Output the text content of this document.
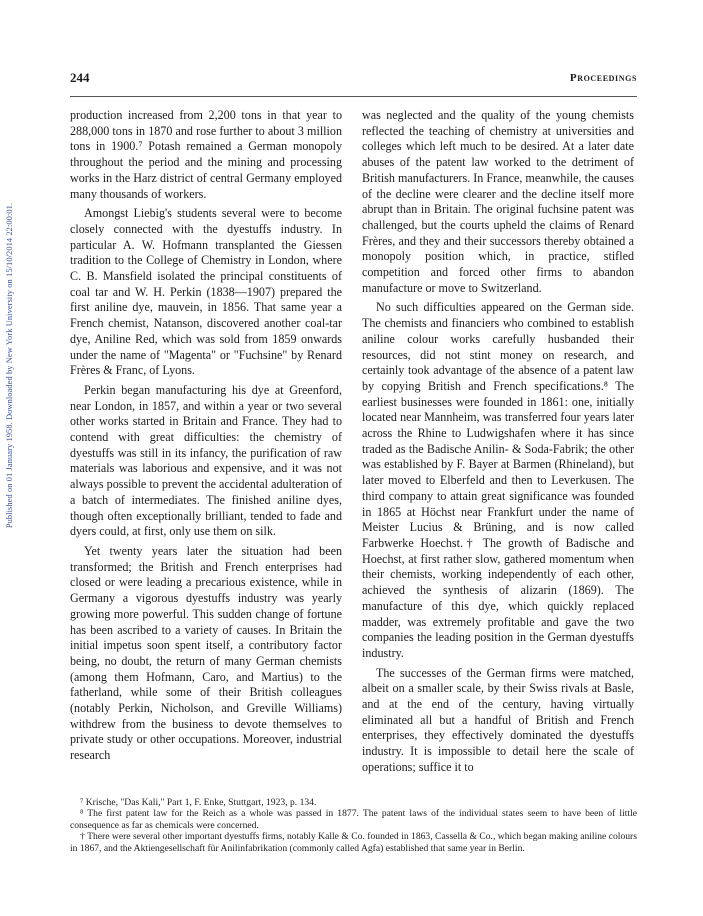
Published on 01 January 1958. Downloaded by New York University on 15/10/2014 22:00:01.
244	Proceedings

production increased from 2,200 tons in that year to 288,000 tons in 1870 and rose further to about 3 million tons in 1900.⁷ Potash remained a German monopoly throughout the period and the mining and processing works in the Harz district of central Germany employed many thousands of workers.

Amongst Liebig's students several were to become closely connected with the dyestuffs industry. In particular A. W. Hofmann transplanted the Giessen tradition to the College of Chemistry in London, where C. B. Mansfield isolated the principal constituents of coal tar and W. H. Perkin (1838—1907) prepared the first aniline dye, mauvein, in 1856. That same year a French chemist, Natanson, discovered another coal-tar dye, Aniline Red, which was sold from 1859 onwards under the name of "Magenta" or "Fuchsine" by Renard Frères & Franc, of Lyons.

Perkin began manufacturing his dye at Greenford, near London, in 1857, and within a year or two several other works started in Britain and France. They had to contend with great difficulties: the chemistry of dyestuffs was still in its infancy, the purification of raw materials was laborious and expensive, and it was not always possible to prevent the accidental adulteration of a batch of intermediates. The finished aniline dyes, though often exceptionally brilliant, tended to fade and dyers could, at first, only use them on silk.

Yet twenty years later the situation had been transformed; the British and French enterprises had closed or were leading a precarious existence, while in Germany a vigorous dyestuffs industry was yearly growing more powerful. This sudden change of fortune has been ascribed to a variety of causes. In Britain the initial impetus soon spent itself, a contributory factor being, no doubt, the return of many German chemists (among them Hofmann, Caro, and Martius) to the fatherland, while some of their British colleagues (notably Perkin, Nicholson, and Greville Williams) withdrew from the business to devote themselves to private study or other occupations. Moreover, industrial research

was neglected and the quality of the young chemists reflected the teaching of chemistry at universities and colleges which left much to be desired. At a later date abuses of the patent law worked to the detriment of British manufacturers. In France, meanwhile, the causes of the decline were clearer and the decline itself more abrupt than in Britain. The original fuchsine patent was challenged, but the courts upheld the claims of Renard Frères, and they and their successors thereby obtained a monopoly position which, in practice, stifled competition and forced other firms to abandon manufacture or move to Switzerland.

No such difficulties appeared on the German side. The chemists and financiers who combined to establish aniline colour works carefully husbanded their resources, did not stint money on research, and certainly took advantage of the absence of a patent law by copying British and French specifications.⁸ The earliest businesses were founded in 1861: one, initially located near Mannheim, was transferred four years later across the Rhine to Ludwigshafen where it has since traded as the Badische Anilin- & Soda-Fabrik; the other was established by F. Bayer at Barmen (Rhineland), but later moved to Elberfeld and then to Leverkusen. The third company to attain great significance was founded in 1865 at Höchst near Frankfurt under the name of Meister Lucius & Brüning, and is now called Farbwerke Hoechst.† The growth of Badische and Hoechst, at first rather slow, gathered momentum when their chemists, working independently of each other, achieved the synthesis of alizarin (1869). The manufacture of this dye, which quickly replaced madder, was extremely profitable and gave the two companies the leading position in the German dyestuffs industry.

The successes of the German firms were matched, albeit on a smaller scale, by their Swiss rivals at Basle, and at the end of the century, having virtually eliminated all but a handful of British and French enterprises, they effectively dominated the dyestuffs industry. It is impossible to detail here the scale of operations; suffice it to

⁷ Krische, "Das Kali," Part 1, F. Enke, Stuttgart, 1923, p. 134.

⁸ The first patent law for the Reich as a whole was passed in 1877. The patent laws of the individual states seem to have been of little consequence as far as chemicals were concerned.

† There were several other important dyestuffs firms, notably Kalle & Co. founded in 1863, Cassella & Co., which began making aniline colours in 1867, and the Aktiengesellschaft für Anilinfabrikation (commonly called Agfa) established that same year in Berlin.
